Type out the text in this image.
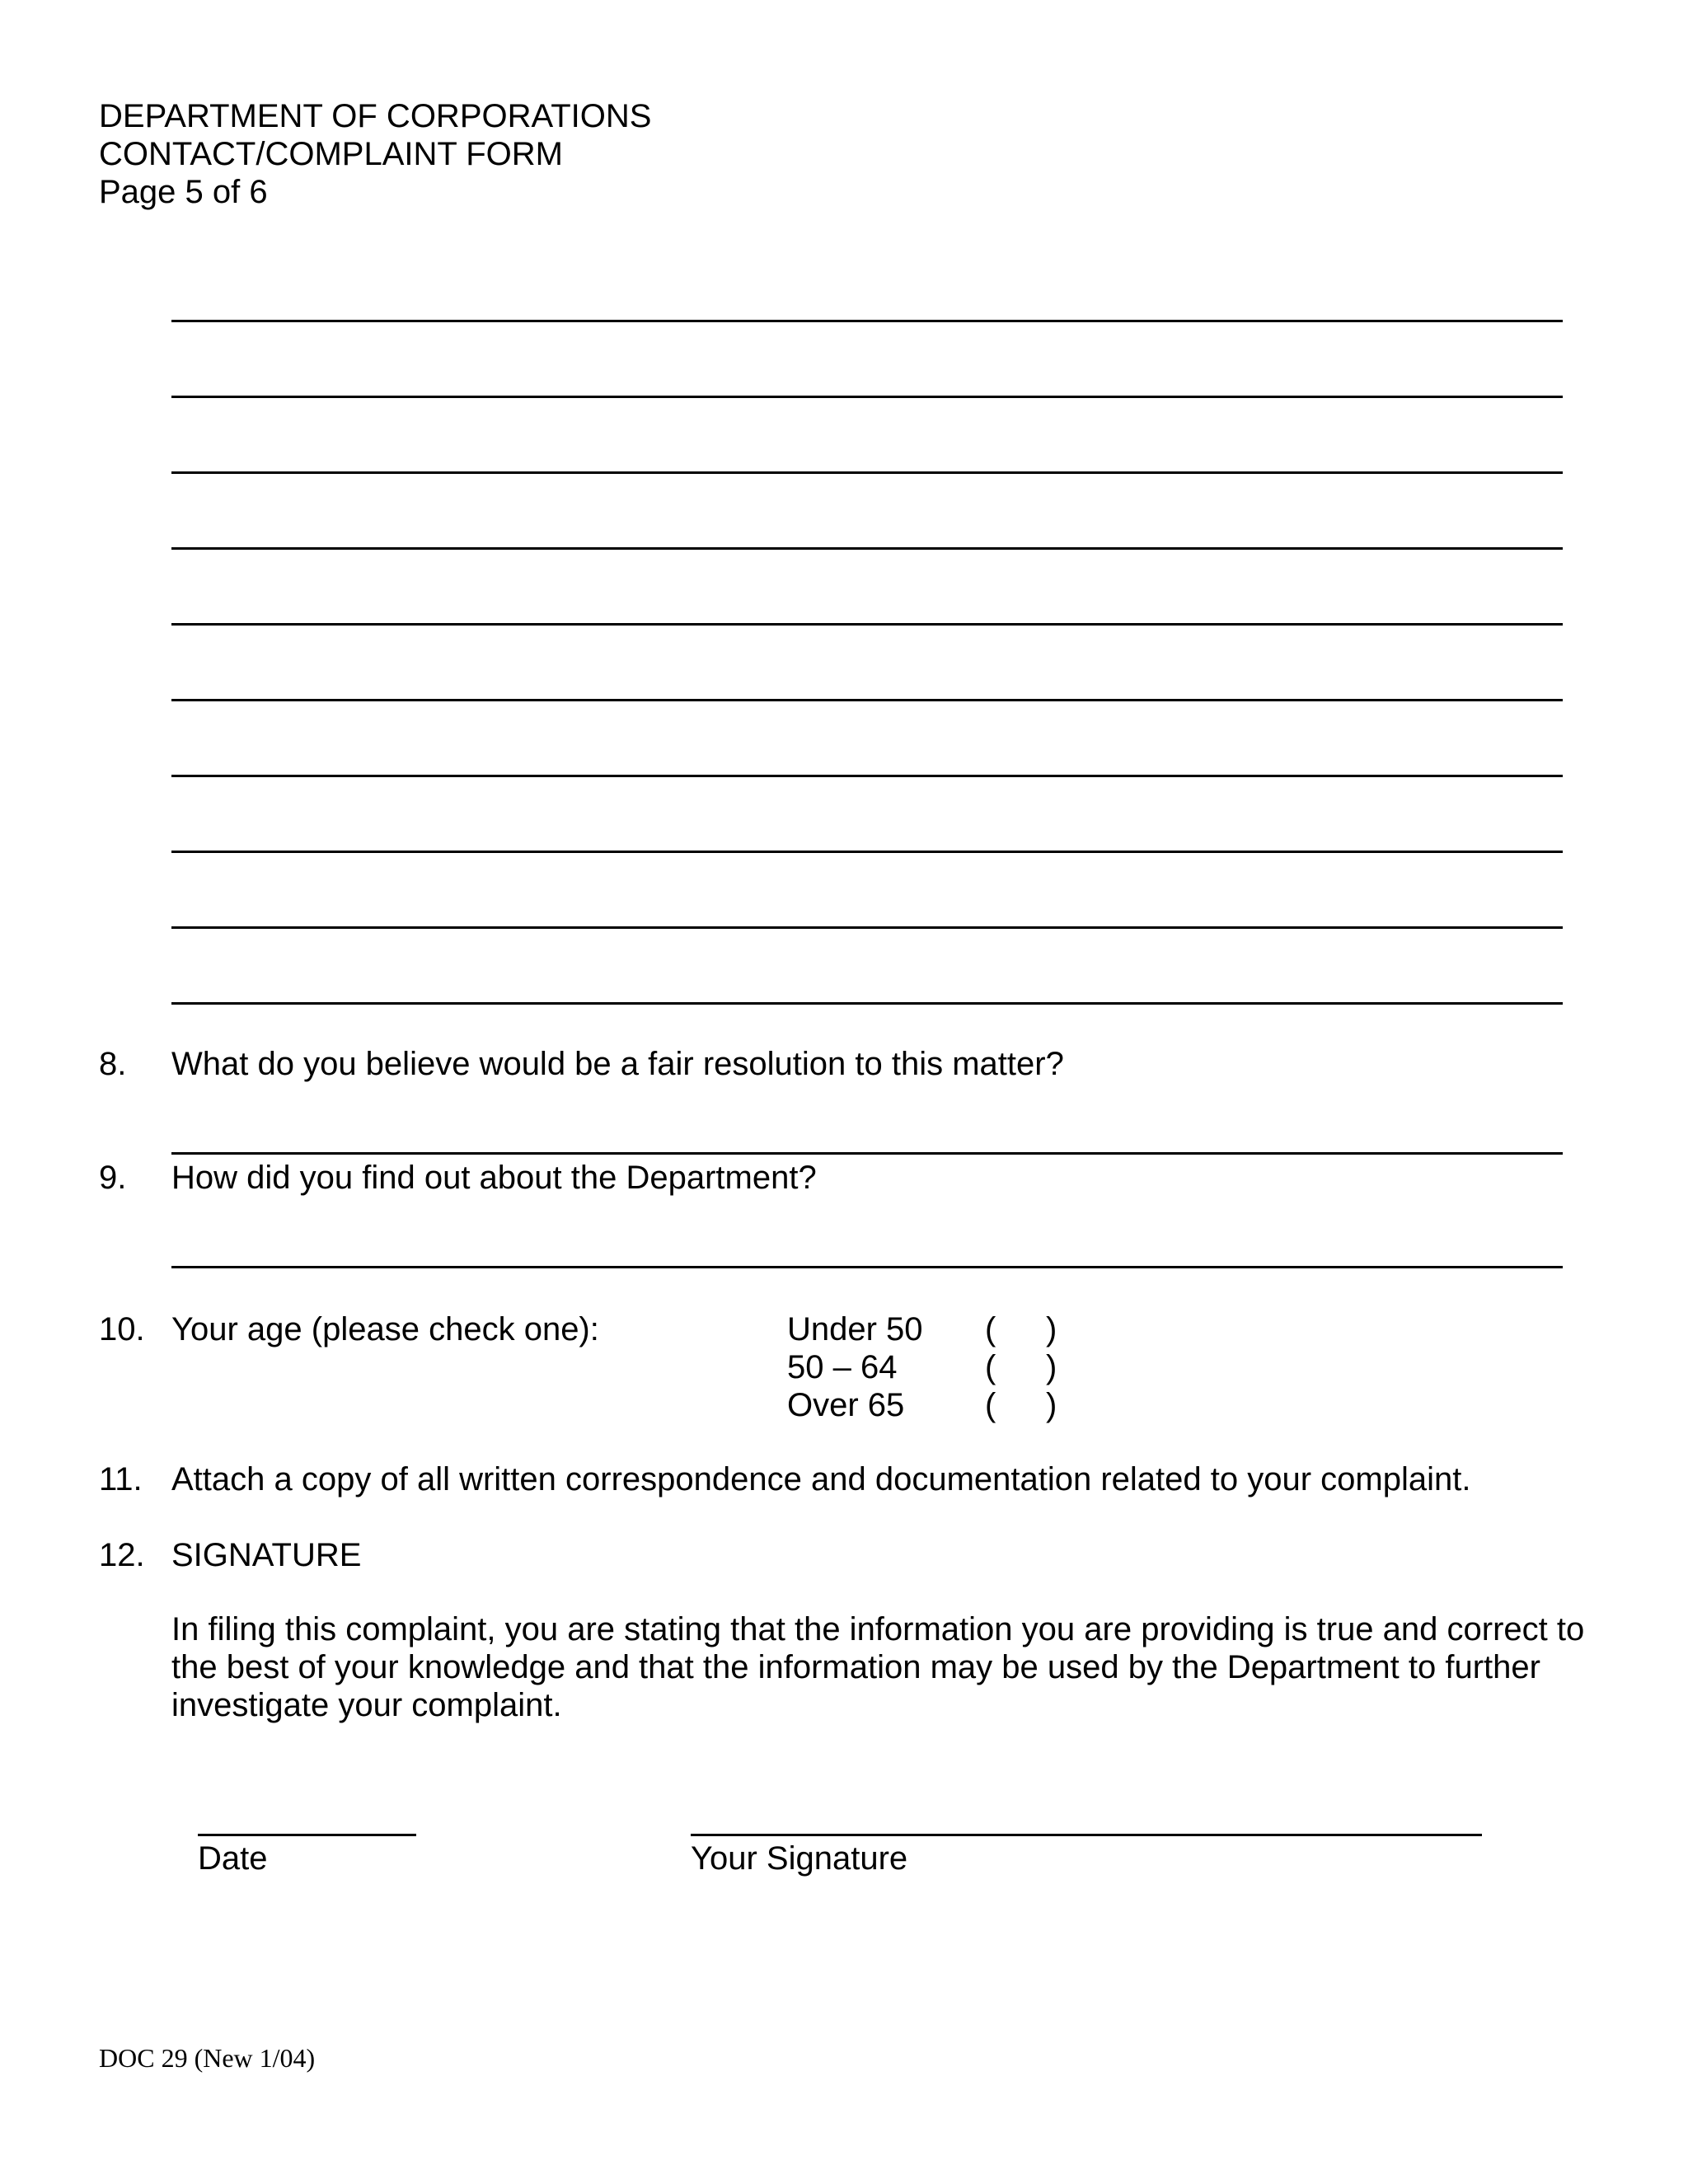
DEPARTMENT OF CORPORATIONS
CONTACT/COMPLAINT FORM
Page 5 of 6
8. What do you believe would be a fair resolution to this matter?
9. How did you find out about the Department?
10. Your age (please check one):	Under 50 ( )
50 – 64	( )
Over 65 ( )
11. Attach a copy of all written correspondence and documentation related to your complaint.
12. SIGNATURE
In filing this complaint, you are stating that the information you are providing is true and correct to the best of your knowledge and that the information may be used by the Department to further investigate your complaint.
Date	Your Signature
DOC 29 (New 1/04)
